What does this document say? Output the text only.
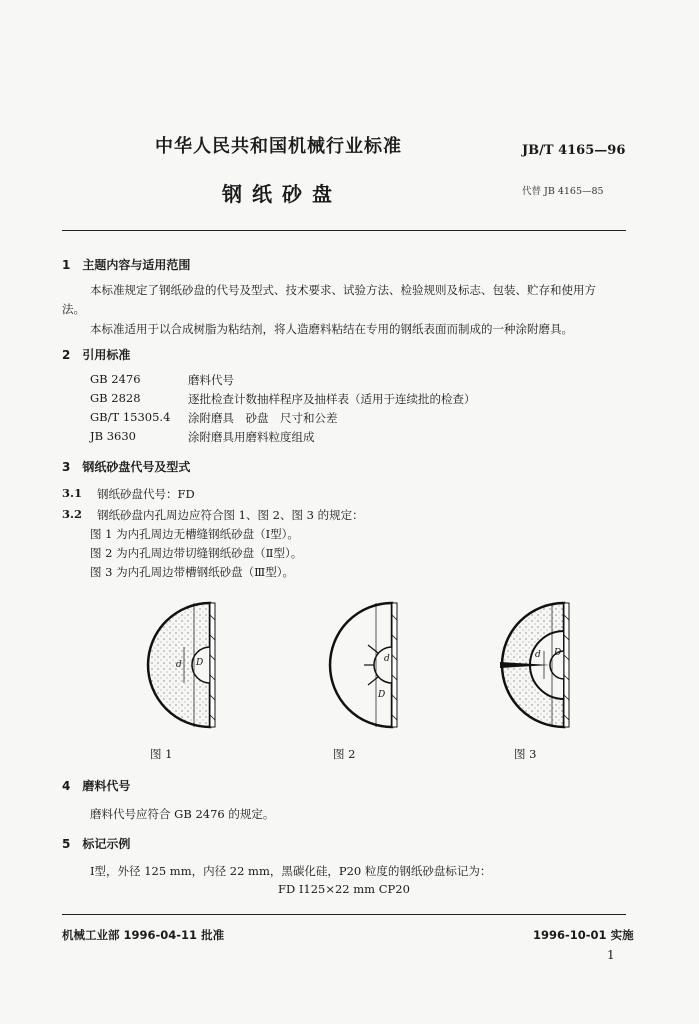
中华人民共和国机械行业标准	JB/T 4165—96
钢纸砂盘	代替 JB 4165—85
1　主题内容与适用范围
本标准规定了钢纸砂盘的代号及型式、技术要求、试验方法、检验规则及标志、包装、贮存和使用方
法。
本标准适用于以合成树脂为粘结剂，将人造磨料粘结在专用的钢纸表面而制成的一种涂附磨具。
2　引用标准
GB 2476	磨料代号
GB 2828	逐批检查计数抽样程序及抽样表（适用于连续批的检查）
GB/T 15305.4 涂附磨具　砂盘　尺寸和公差
JB 3630	涂附磨具用磨料粒度组成
3　钢纸砂盘代号及型式
3.1 钢纸砂盘代号：FD
3.2 钢纸砂盘内孔周边应符合图 1、图 2、图 3 的规定：
图 1 为内孔周边无槽缝钢纸砂盘（Ⅰ型）。
图 2 为内孔周边带切缝钢纸砂盘（Ⅱ型）。
图 3 为内孔周边带槽钢纸砂盘（Ⅲ型）。
d D
图 1
d
D
图 2
d D
图 3
4　磨料代号
磨料代号应符合 GB 2476 的规定。
5　标记示例
Ⅰ型，外径 125 mm，内径 22 mm，黑碳化硅，P20 粒度的钢纸砂盘标记为：
FD Ⅰ125×22 mm CP20
机械工业部 1996-04-11 批准	1996-10-01 实施
1
